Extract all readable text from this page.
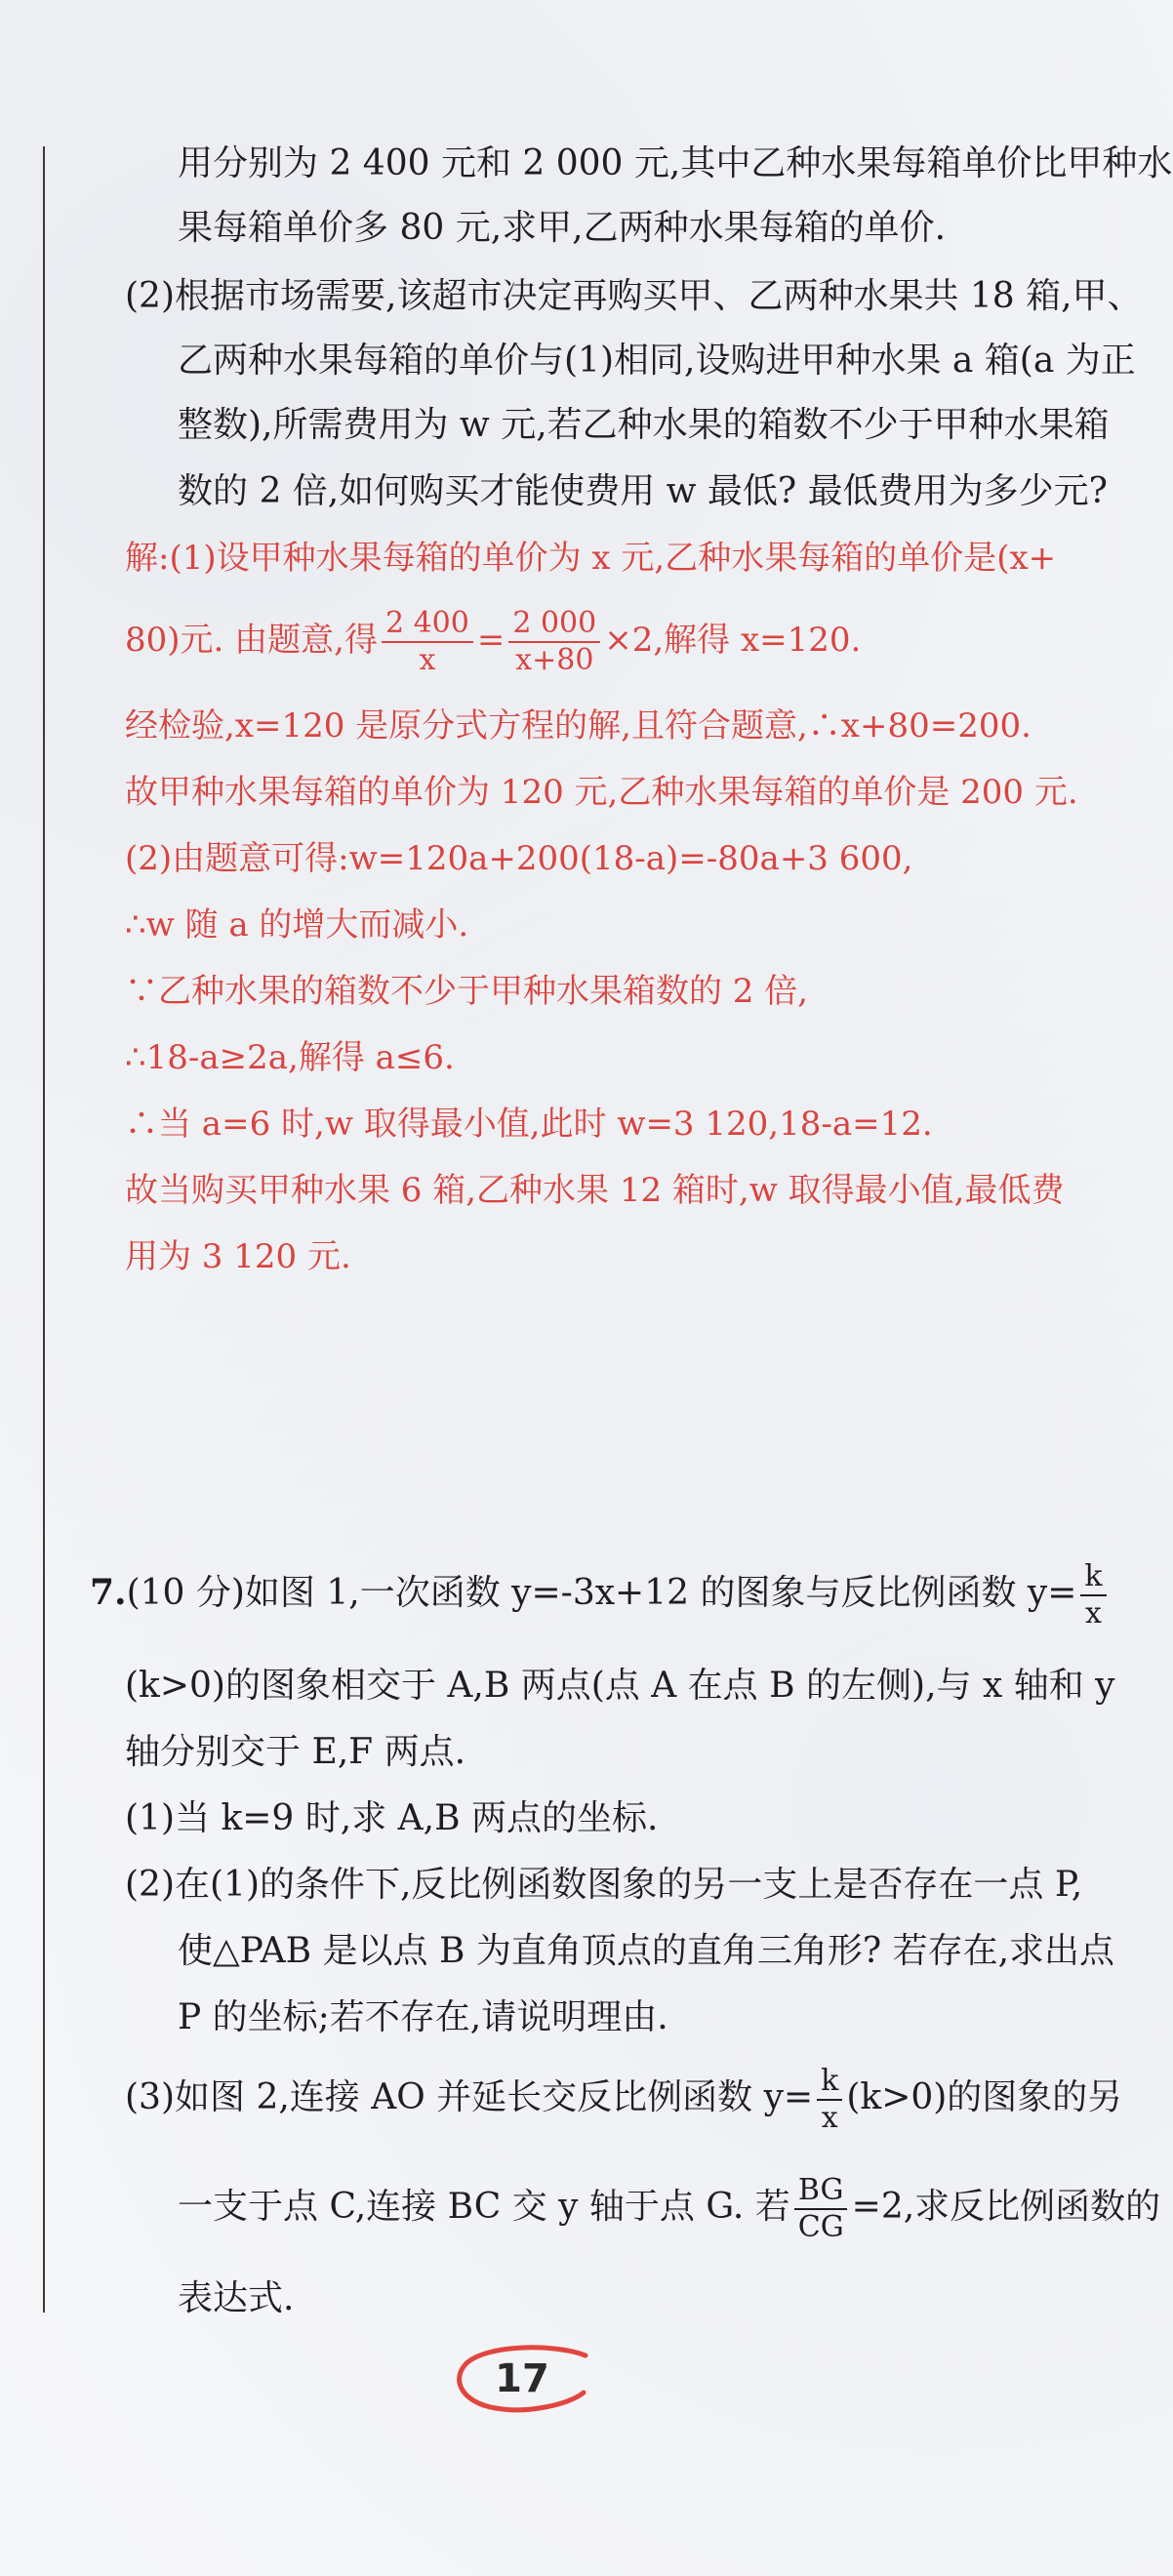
用分别为 2 400 元和 2 000 元,其中乙种水果每箱单价比甲种水
果每箱单价多 80 元,求甲,乙两种水果每箱的单价.
(2)根据市场需要,该超市决定再购买甲、乙两种水果共 18 箱,甲、
乙两种水果每箱的单价与(1)相同,设购进甲种水果 a 箱(a 为正
整数),所需费用为 w 元,若乙种水果的箱数不少于甲种水果箱
数的 2 倍,如何购买才能使费用 w 最低? 最低费用为多少元?
解:(1)设甲种水果每箱的单价为 x 元,乙种水果每箱的单价是(x+
80)元. 由题意,得 $\frac{2 400}{x} = \frac{2 000}{x+80} \times 2$,解得 x=120.
经检验,x=120 是原分式方程的解,且符合题意,∴x+80=200.
故甲种水果每箱的单价为 120 元,乙种水果每箱的单价是 200 元.
(2)由题意可得:w=120a+200(18-a)=-80a+3 600,
∴w 随 a 的增大而减小.
∵乙种水果的箱数不少于甲种水果箱数的 2 倍,
∴18-a≥2a,解得 a≤6.
∴当 a=6 时,w 取得最小值,此时 w=3 120,18-a=12.
故当购买甲种水果 6 箱,乙种水果 12 箱时,w 取得最小值,最低费
用为 3 120 元.
7.(10 分)如图 1,一次函数 y=-3x+12 的图象与反比例函数 $y= \frac{k}{x}$
(k>0)的图象相交于 A,B 两点(点 A 在点 B 的左侧),与 x 轴和 y
轴分别交于 E,F 两点.
(1)当 k=9 时,求 A,B 两点的坐标.
(2)在(1)的条件下,反比例函数图象的另一支上是否存在一点 P,
使△PAB 是以点 B 为直角顶点的直角三角形? 若存在,求出点
P 的坐标;若不存在,请说明理由.
(3)如图 2,连接 AO 并延长交反比例函数 $y= \frac{k}{x} (k>0)$的图象的另
一支于点 C,连接 BC 交 y 轴于点 G. 若 $\frac{BG}{CG} =2$,求反比例函数的
表达式.
17
